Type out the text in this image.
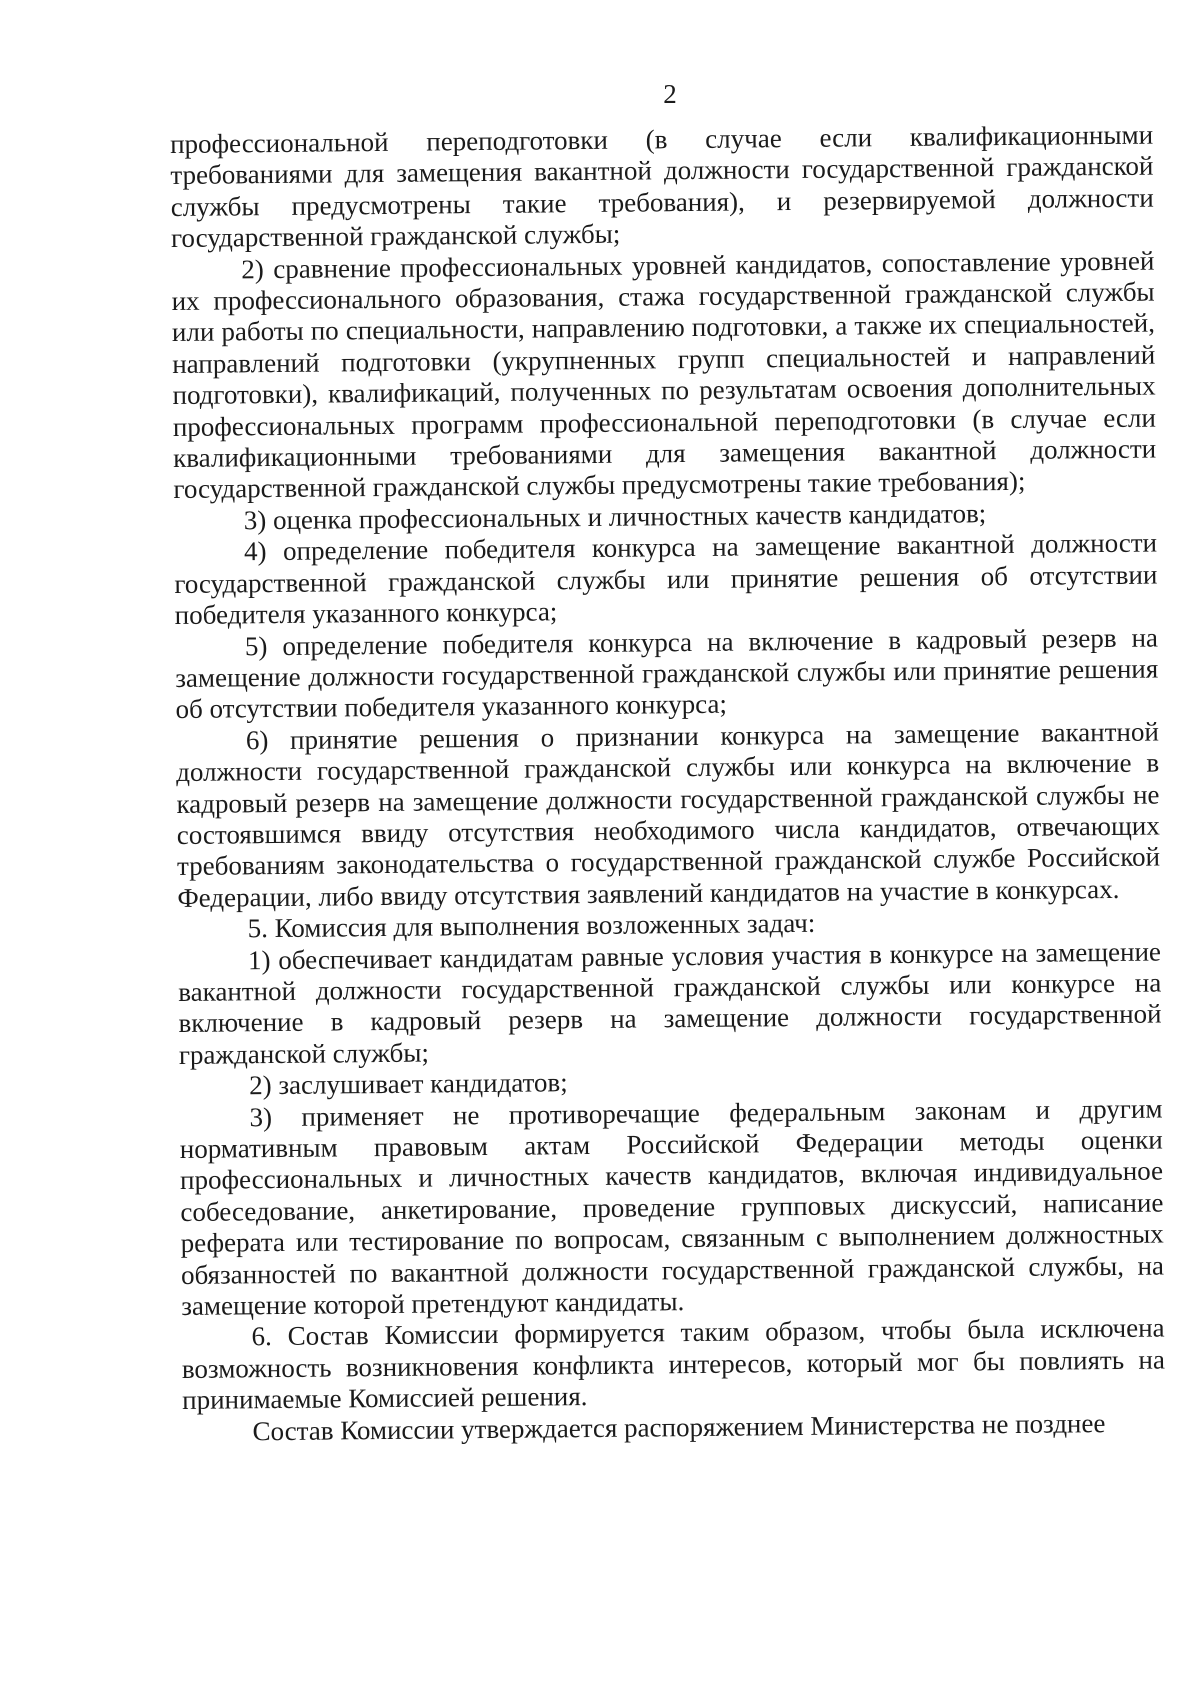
2

профессиональной переподготовки (в случае если квалификационными требованиями для замещения вакантной должности государственной гражданской службы предусмотрены такие требования), и резервируемой должности государственной гражданской службы;

2) сравнение профессиональных уровней кандидатов, сопоставление уровней их профессионального образования, стажа государственной гражданской службы или работы по специальности, направлению подготовки, а также их специальностей, направлений подготовки (укрупненных групп специальностей и направлений подготовки), квалификаций, полученных по результатам освоения дополнительных профессиональных программ профессиональной переподготовки (в случае если квалификационными требованиями для замещения вакантной должности государственной гражданской службы предусмотрены такие требования);

3) оценка профессиональных и личностных качеств кандидатов;

4) определение победителя конкурса на замещение вакантной должности государственной гражданской службы или принятие решения об отсутствии победителя указанного конкурса;

5) определение победителя конкурса на включение в кадровый резерв на замещение должности государственной гражданской службы или принятие решения об отсутствии победителя указанного конкурса;

6) принятие решения о признании конкурса на замещение вакантной должности государственной гражданской службы или конкурса на включение в кадровый резерв на замещение должности государственной гражданской службы не состоявшимся ввиду отсутствия необходимого числа кандидатов, отвечающих требованиям законодательства о государственной гражданской службе Российской Федерации, либо ввиду отсутствия заявлений кандидатов на участие в конкурсах.

5. Комиссия для выполнения возложенных задач:

1) обеспечивает кандидатам равные условия участия в конкурсе на замещение вакантной должности государственной гражданской службы или конкурсе на включение в кадровый резерв на замещение должности государственной гражданской службы;

2) заслушивает кандидатов;

3) применяет не противоречащие федеральным законам и другим нормативным правовым актам Российской Федерации методы оценки профессиональных и личностных качеств кандидатов, включая индивидуальное собеседование, анкетирование, проведение групповых дискуссий, написание реферата или тестирование по вопросам, связанным с выполнением должностных обязанностей по вакантной должности государственной гражданской службы, на замещение которой претендуют кандидаты.

6. Состав Комиссии формируется таким образом, чтобы была исключена возможность возникновения конфликта интересов, который мог бы повлиять на принимаемые Комиссией решения.

Состав Комиссии утверждается распоряжением Министерства не позднее
